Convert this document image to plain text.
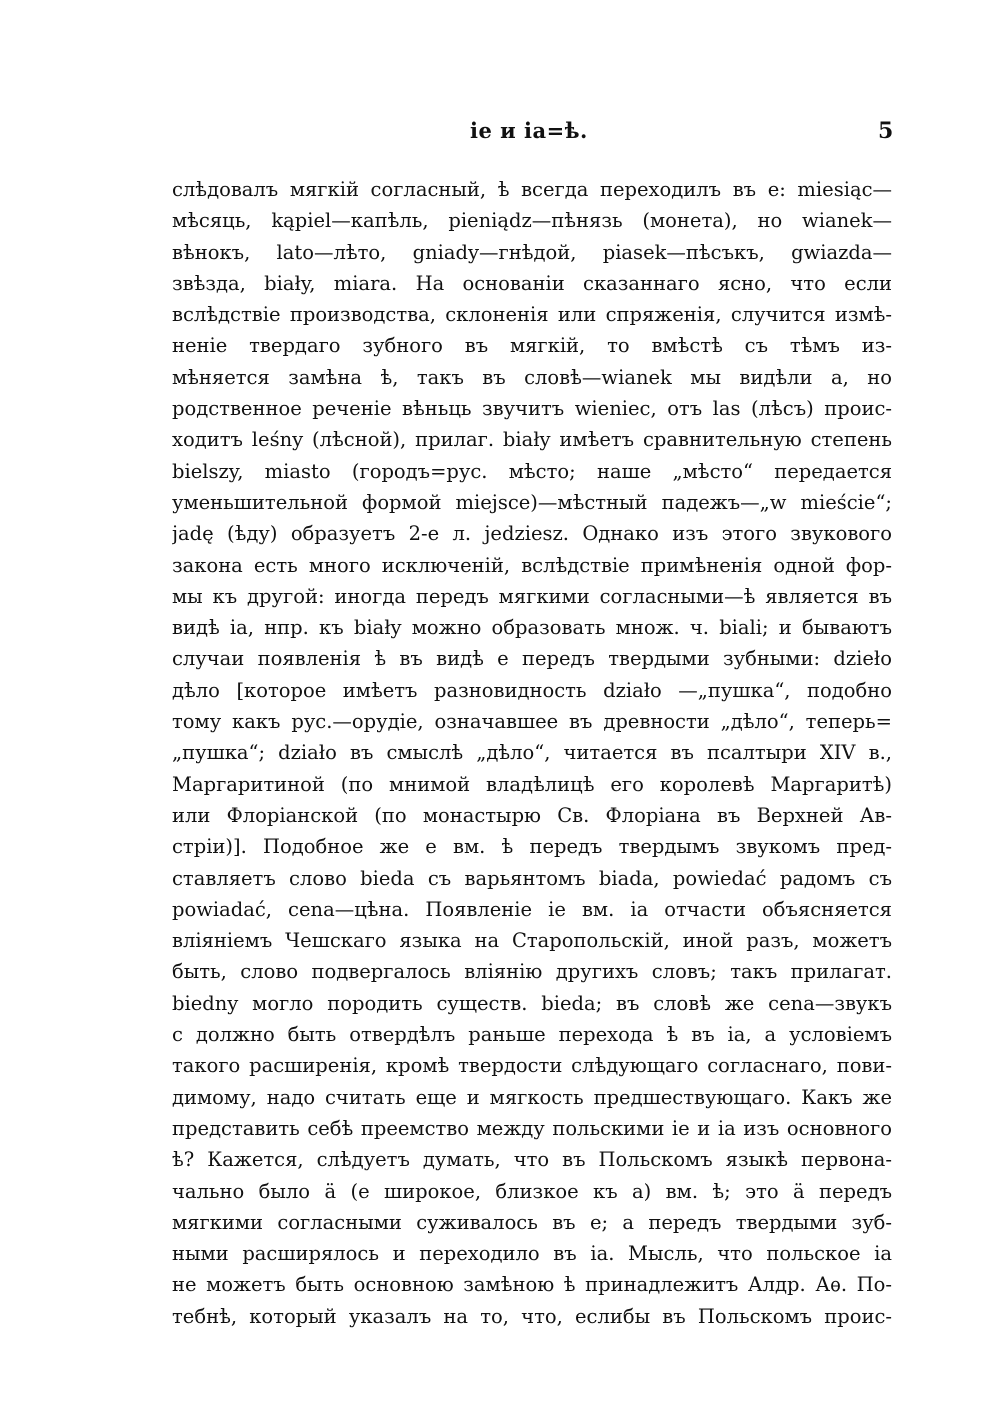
ie и ia=ѣ.	5
слѣдовалъ мягкій согласный, ѣ всегда переходилъ въ e: miesiąc—
мѣсяць, kąpiel—капѣль, pieniądz—пѣнязь (монета), но wianek—
вѣнокъ, lato—лѣто, gniady—гнѣдой, piasek—пѣсъкъ, gwiazda—
звѣзда, biały, miara. На основаніи сказаннаго ясно, что если
вслѣдствіе производства, склоненія или спряженія, случится измѣ-
неніе твердаго зубного въ мягкій, то вмѣстѣ съ тѣмъ из-
мѣняется замѣна ѣ, такъ въ словѣ—wianek мы видѣли a, но
родственное реченіе вѣньць звучитъ wieniec, отъ las (лѣсъ) проис-
ходитъ leśny (лѣсной), прилаг. biały имѣетъ сравнительную степень
bielszy, miasto (городъ=рус. мѣсто; наше „мѣсто“ передается
уменьшительной формой miejsce)—мѣстный падежъ—„w mieście“;
jadę (ѣду) образуетъ 2-е л. jedziesz. Однако изъ этого звукового
закона есть много исключеній, вслѣдствіе примѣненія одной фор-
мы къ другой: иногда передъ мягкими согласными—ѣ является въ
видѣ ia, нпр. къ biały можно образовать множ. ч. biali; и бываютъ
случаи появленія ѣ въ видѣ e передъ твердыми зубными: dzieło
дѣло [которое имѣетъ разновидность działo —„пушка“, подобно
тому какъ рус.—орудіе, означавшее въ древности „дѣло“, теперь=
„пушка“; działo въ смыслѣ „дѣло“, читается въ псалтыри XIV в.,
Маргаритиной (по мнимой владѣлицѣ его королевѣ Маргаритѣ)
или Флоріанской (по монастырю Св. Флоріана въ Верхней Ав-
стріи)]. Подобное же e вм. ѣ передъ твердымъ звукомъ пред-
ставляетъ слово bieda съ варьянтомъ biada, powiedać радомъ съ
powiadać, cena—цѣна. Появленіе ie вм. ia отчасти объясняется
вліяніемъ Чешскаго языка на Старопольскій, иной разъ, можетъ
быть, слово подвергалось вліянію другихъ словъ; такъ прилагат.
biedny могло породить существ. bieda; въ словѣ же cena—звукъ
c должно быть отвердѣлъ раньше перехода ѣ въ ia, а условіемъ
такого расширенія, кромѣ твердости слѣдующаго согласнаго, пови-
димому, надо считать еще и мягкость предшествующаго. Какъ же
представить себѣ преемство между польскими ie и ia изъ основного
ѣ? Кажется, слѣдуетъ думать, что въ Польскомъ языкѣ первона-
чально было ä (e широкое, близкое къ a) вм. ѣ; это ä передъ
мягкими согласными суживалось въ e; а передъ твердыми зуб-
ными расширялось и переходило въ ia. Мысль, что польское ia
не можетъ быть основною замѣною ѣ принадлежитъ Алдр. Аѳ. По-
тебнѣ, который указалъ на то, что, еслибы въ Польскомъ проис-
